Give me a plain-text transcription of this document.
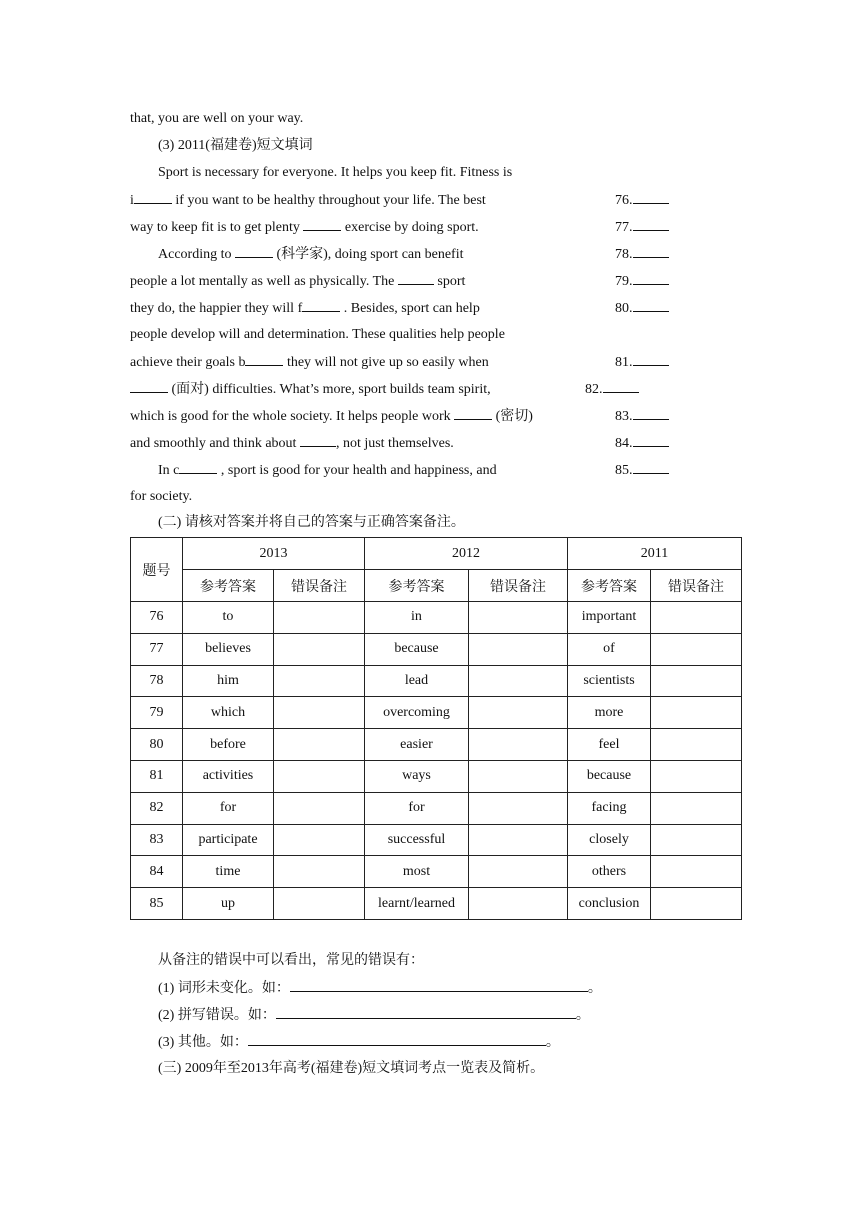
that, you are well on your way.
(3) 2011(福建卷)短文填词
Sport is necessary for everyone. It helps you keep fit. Fitness is
i	if you want to be healthy throughout your life. The best
way to keep fit is to get plenty	exercise by doing sport.
According to	(科学家), doing sport can benefit
people a lot mentally as well as physically. The	sport
they do, the happier they will f	. Besides, sport can help
people develop will and determination. These qualities help people
achieve their goals b	they will not give up so easily when
(面对) difficulties. What’s more, sport builds team spirit,
which is good for the whole society. It helps people work	(密切)
and smoothly and think about	, not just themselves.
In c	, sport is good for your health and happiness, and
for society.
76.
77.
78.
79.
80.
81.
82.
83.
84.
85.
(二) 请核对答案并将自己的答案与正确答案备注。
题号	2013		2012		2011	
	参考答案	错误备注	参考答案	错误备注	参考答案	错误备注
76	to		in		important	
77	believes		because		of	
78	him		lead		scientists	
79	which		overcoming		more	
80	before		easier		feel	
81	activities		ways		because	
82	for		for		facing	
83	participate		successful		closely	
84	time		most		others	
85	up		learnt/learned		conclusion	
从备注的错误中可以看出，常见的错误有：
(1) 词形未变化。如：	。
(2) 拼写错误。如：	。
(3) 其他。如：	。
(三) 2009年至2013年高考(福建卷)短文填词考点一览表及简析。
